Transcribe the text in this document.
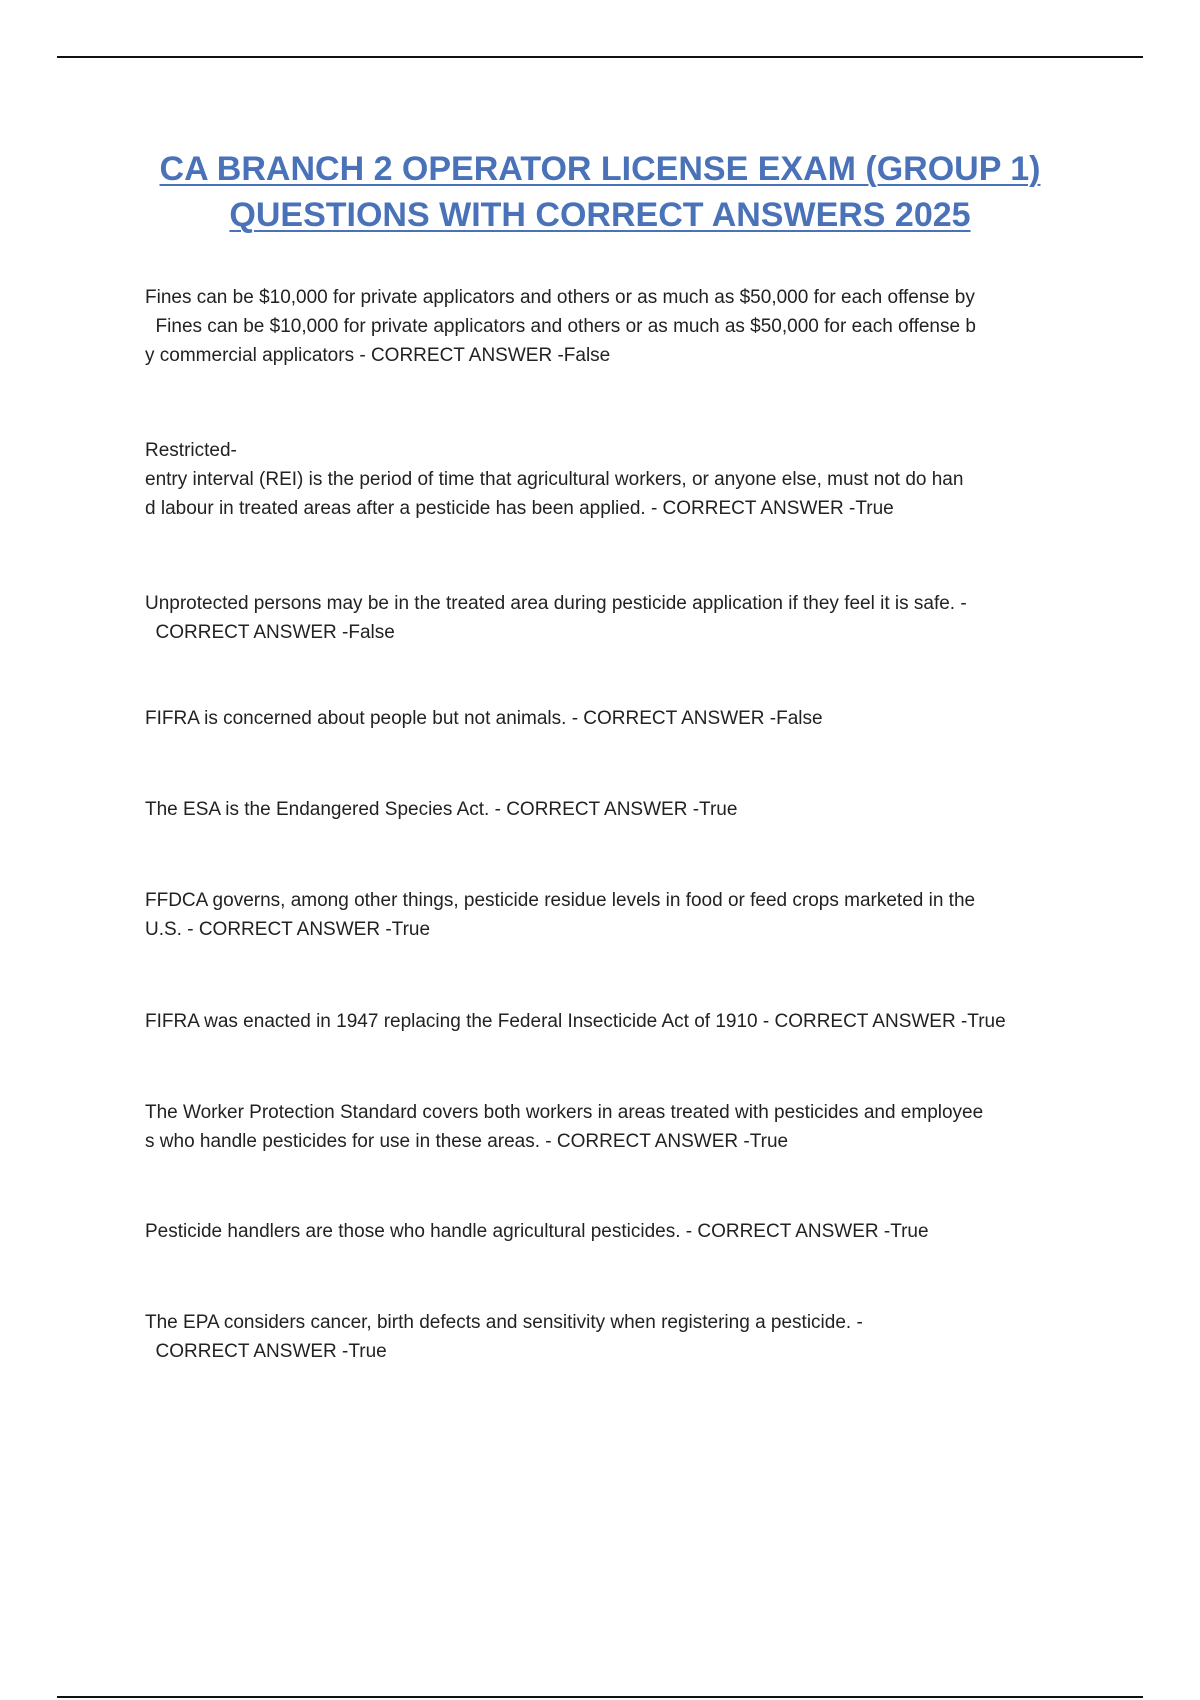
CA BRANCH 2 OPERATOR LICENSE EXAM (GROUP 1)
QUESTIONS WITH CORRECT ANSWERS 2025

Fines can be $10,000 for private applicators and others or as much as $50,000 for each offense by
Fines can be $10,000 for private applicators and others or as much as $50,000 for each offense b
y commercial applicators - CORRECT ANSWER -False

Restricted-
entry interval (REI) is the period of time that agricultural workers, or anyone else, must not do han
d labour in treated areas after a pesticide has been applied. - CORRECT ANSWER -True

Unprotected persons may be in the treated area during pesticide application if they feel it is safe. -
CORRECT ANSWER -False

FIFRA is concerned about people but not animals. - CORRECT ANSWER -False

The ESA is the Endangered Species Act. - CORRECT ANSWER -True

FFDCA governs, among other things, pesticide residue levels in food or feed crops marketed in the
U.S. - CORRECT ANSWER -True

FIFRA was enacted in 1947 replacing the Federal Insecticide Act of 1910 - CORRECT ANSWER -True

The Worker Protection Standard covers both workers in areas treated with pesticides and employee
s who handle pesticides for use in these areas. - CORRECT ANSWER -True

Pesticide handlers are those who handle agricultural pesticides. - CORRECT ANSWER -True

The EPA considers cancer, birth defects and sensitivity when registering a pesticide. -
CORRECT ANSWER -True
